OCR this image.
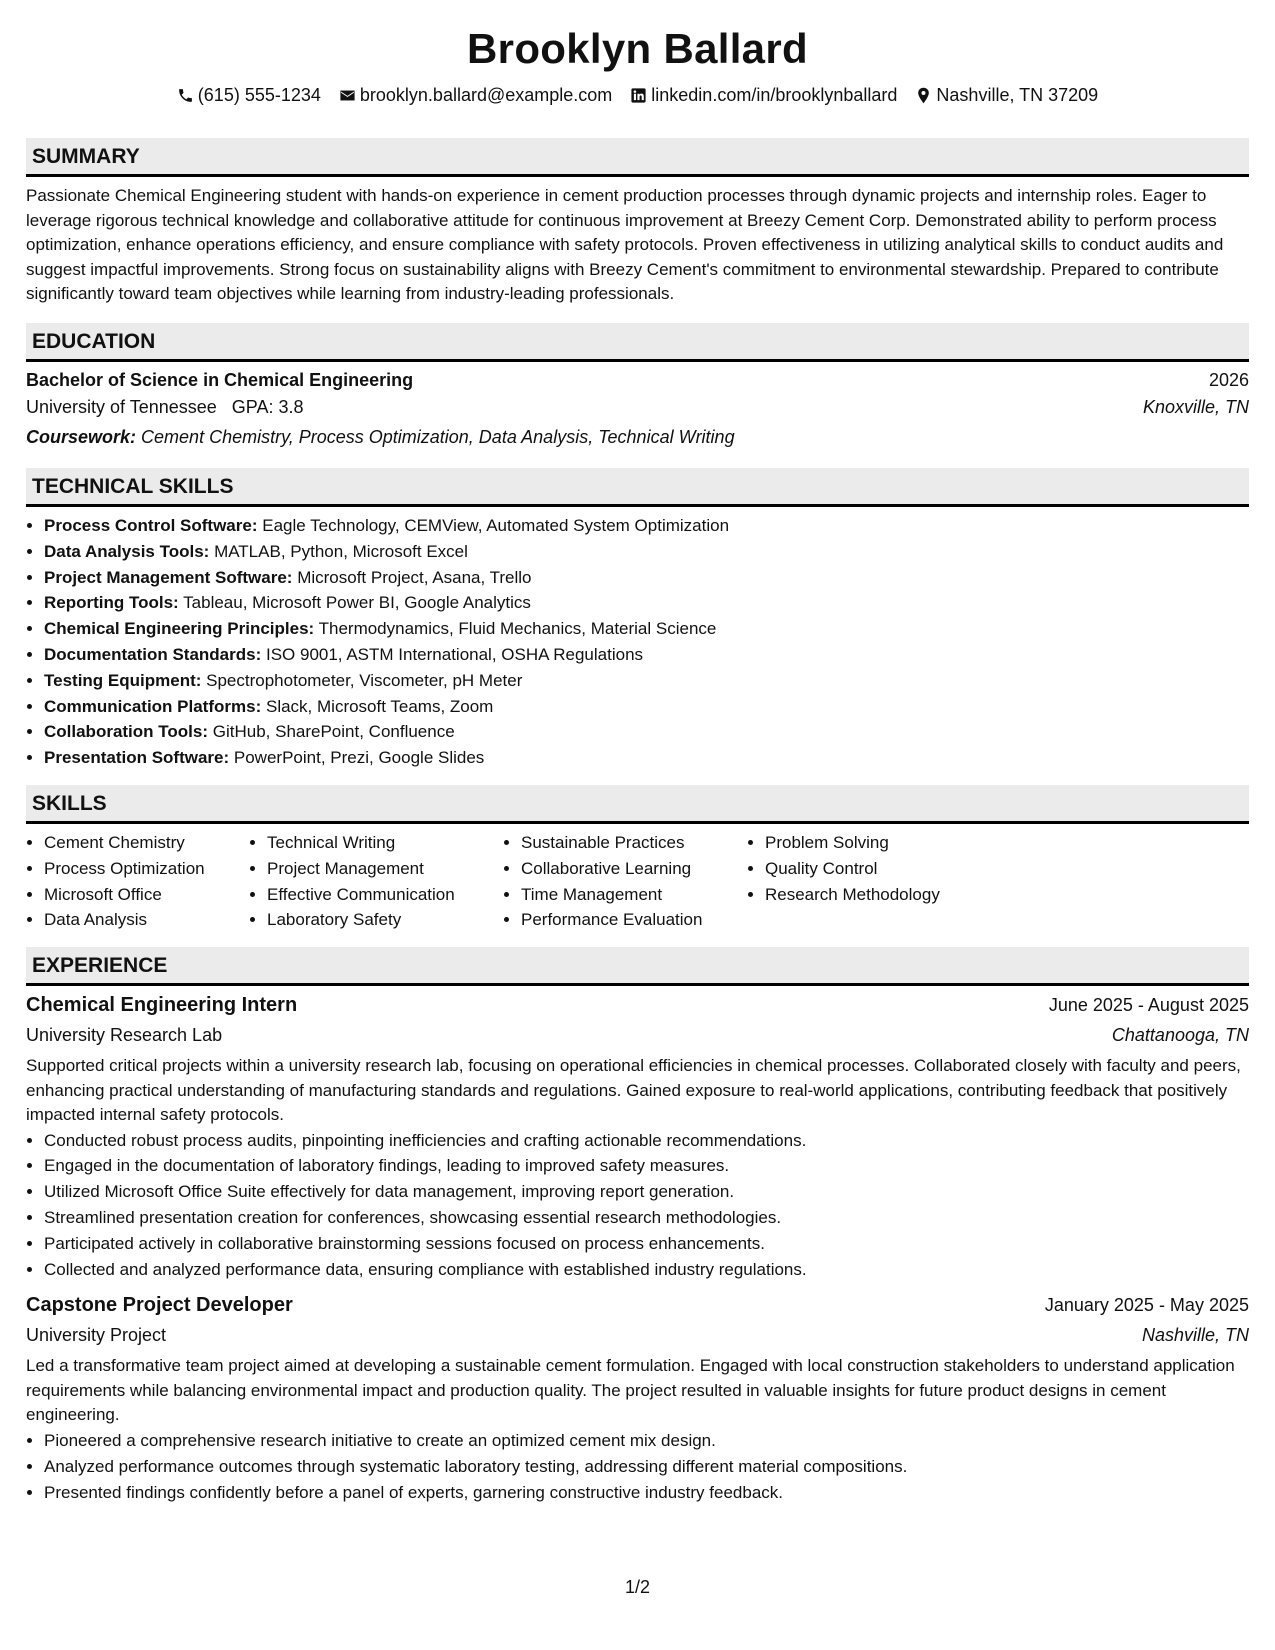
Brooklyn Ballard
(615) 555-1234 brooklyn.ballard@example.com linkedin.com/in/brooklynballard Nashville, TN 37209
SUMMARY

Passionate Chemical Engineering student with hands-on experience in cement production processes through dynamic projects and internship roles. Eager to leverage rigorous technical knowledge and collaborative attitude for continuous improvement at Breezy Cement Corp. Demonstrated ability to perform process optimization, enhance operations efficiency, and ensure compliance with safety protocols. Proven effectiveness in utilizing analytical skills to conduct audits and suggest impactful improvements. Strong focus on sustainability aligns with Breezy Cement's commitment to environmental stewardship. Prepared to contribute significantly toward team objectives while learning from industry-leading professionals.

EDUCATION
Bachelor of Science in Chemical Engineering	2026
University of Tennessee GPA: 3.8	Knoxville, TN
Coursework: Cement Chemistry, Process Optimization, Data Analysis, Technical Writing
TECHNICAL SKILLS
• Process Control Software: Eagle Technology, CEMView, Automated System Optimization
• Data Analysis Tools: MATLAB, Python, Microsoft Excel
• Project Management Software: Microsoft Project, Asana, Trello
• Reporting Tools: Tableau, Microsoft Power BI, Google Analytics
• Chemical Engineering Principles: Thermodynamics, Fluid Mechanics, Material Science
• Documentation Standards: ISO 9001, ASTM International, OSHA Regulations
• Testing Equipment: Spectrophotometer, Viscometer, pH Meter
• Communication Platforms: Slack, Microsoft Teams, Zoom
• Collaboration Tools: GitHub, SharePoint, Confluence
• Presentation Software: PowerPoint, Prezi, Google Slides
SKILLS
• Cement Chemistry
• Process Optimization
• Microsoft Office
• Data Analysis
• Technical Writing
• Project Management
• Effective Communication
• Laboratory Safety
• Sustainable Practices
• Collaborative Learning
• Time Management
• Performance Evaluation
• Problem Solving
• Quality Control
• Research Methodology
EXPERIENCE
Chemical Engineering Intern	June 2025 - August 2025
University Research Lab	Chattanooga, TN

Supported critical projects within a university research lab, focusing on operational efficiencies in chemical processes. Collaborated closely with faculty and peers, enhancing practical understanding of manufacturing standards and regulations. Gained exposure to real-world applications, contributing feedback that positively impacted internal safety protocols.

• Conducted robust process audits, pinpointing inefficiencies and crafting actionable recommendations.
• Engaged in the documentation of laboratory findings, leading to improved safety measures.
• Utilized Microsoft Office Suite effectively for data management, improving report generation.
• Streamlined presentation creation for conferences, showcasing essential research methodologies.
• Participated actively in collaborative brainstorming sessions focused on process enhancements.
• Collected and analyzed performance data, ensuring compliance with established industry regulations.
Capstone Project Developer	January 2025 - May 2025
University Project	Nashville, TN

Led a transformative team project aimed at developing a sustainable cement formulation. Engaged with local construction stakeholders to understand application requirements while balancing environmental impact and production quality. The project resulted in valuable insights for future product designs in cement engineering.

• Pioneered a comprehensive research initiative to create an optimized cement mix design.
• Analyzed performance outcomes through systematic laboratory testing, addressing different material compositions.
• Presented findings confidently before a panel of experts, garnering constructive industry feedback.
1/2
